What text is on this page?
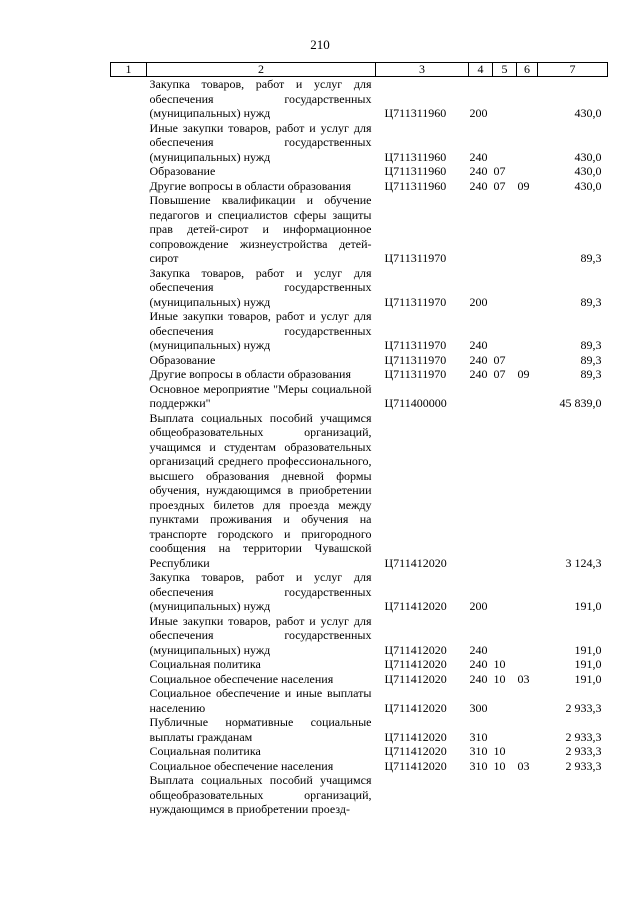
210
1	2	3	4	5	6	7
	Закупка товаров, работ и услуг для обеспечения государственных (муниципальных) нужд	Ц711311960	200			430,0
	Иные закупки товаров, работ и услуг для обеспечения государственных (муниципальных) нужд	Ц711311960	240			430,0
	Образование	Ц711311960	240	07		430,0
	Другие вопросы в области образования	Ц711311960	240	07	09	430,0
	Повышение квалификации и обучение педагогов и специалистов сферы защиты прав детей-сирот и информационное сопровождение жизнеустройства детей-сирот	Ц711311970				89,3
	Закупка товаров, работ и услуг для обеспечения государственных (муниципальных) нужд	Ц711311970	200			89,3
	Иные закупки товаров, работ и услуг для обеспечения государственных (муниципальных) нужд	Ц711311970	240			89,3
	Образование	Ц711311970	240	07		89,3
	Другие вопросы в области образования	Ц711311970	240	07	09	89,3
	Основное мероприятие "Меры социальной поддержки"	Ц711400000				45 839,0
	Выплата социальных пособий учащимся общеобразовательных организаций, учащимся и студентам образовательных организаций среднего профессионального, высшего образования дневной формы обучения, нуждающимся в приобретении проездных билетов для проезда между пунктами проживания и обучения на транспорте городского и пригородного сообщения на территории Чувашской Республики	Ц711412020				3 124,3
	Закупка товаров, работ и услуг для обеспечения государственных (муниципальных) нужд	Ц711412020	200			191,0
	Иные закупки товаров, работ и услуг для обеспечения государственных (муниципальных) нужд	Ц711412020	240			191,0
	Социальная политика	Ц711412020	240	10		191,0
	Социальное обеспечение населения	Ц711412020	240	10	03	191,0
	Социальное обеспечение и иные выплаты населению	Ц711412020	300			2 933,3
	Публичные нормативные социальные выплаты гражданам	Ц711412020	310			2 933,3
	Социальная политика	Ц711412020	310	10		2 933,3
	Социальное обеспечение населения	Ц711412020	310	10	03	2 933,3
	Выплата социальных пособий учащимся общеобразовательных организаций, нуждающимся в приобретении проезд-					
